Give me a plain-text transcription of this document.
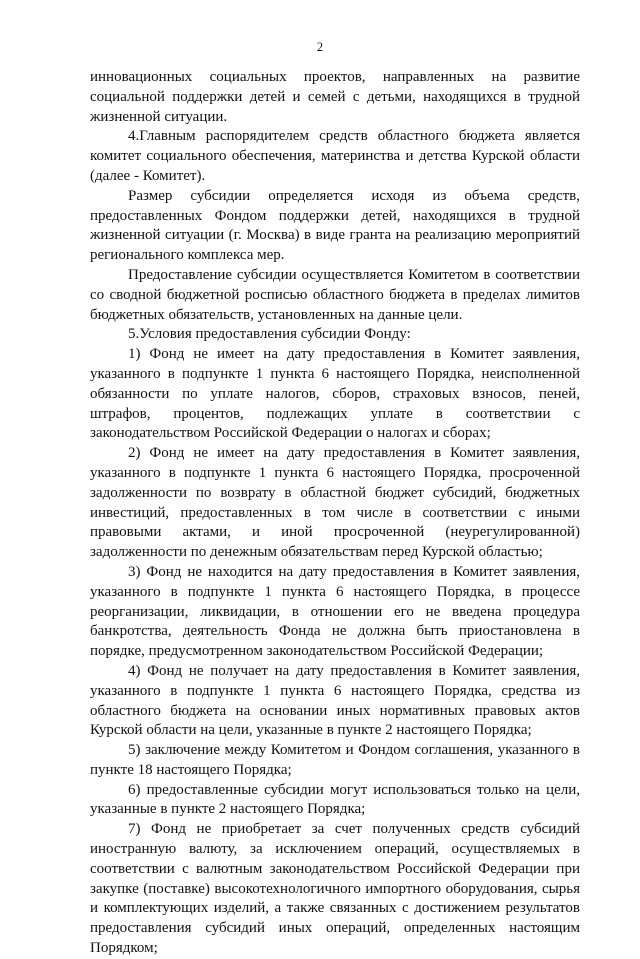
2

инновационных социальных проектов, направленных на развитие социальной поддержки детей и семей с детьми, находящихся в трудной жизненной ситуации.

4.Главным распорядителем средств областного бюджета является комитет социального обеспечения, материнства и детства Курской области (далее - Комитет).

Размер субсидии определяется исходя из объема средств, предоставленных Фондом поддержки детей, находящихся в трудной жизненной ситуации (г. Москва) в виде гранта на реализацию мероприятий регионального комплекса мер.

Предоставление субсидии осуществляется Комитетом в соответствии со сводной бюджетной росписью областного бюджета в пределах лимитов бюджетных обязательств, установленных на данные цели.

5.Условия предоставления субсидии Фонду:

1) Фонд не имеет на дату предоставления в Комитет заявления, указанного в подпункте 1 пункта 6 настоящего Порядка, неисполненной обязанности по уплате налогов, сборов, страховых взносов, пеней, штрафов, процентов, подлежащих уплате в соответствии с законодательством Российской Федерации о налогах и сборах;

2) Фонд не имеет на дату предоставления в Комитет заявления, указанного в подпункте 1 пункта 6 настоящего Порядка, просроченной задолженности по возврату в областной бюджет субсидий, бюджетных инвестиций, предоставленных в том числе в соответствии с иными правовыми актами, и иной просроченной (неурегулированной) задолженности по денежным обязательствам перед Курской областью;

3) Фонд не находится на дату предоставления в Комитет заявления, указанного в подпункте 1 пункта 6 настоящего Порядка, в процессе реорганизации, ликвидации, в отношении его не введена процедура банкротства, деятельность Фонда не должна быть приостановлена в порядке, предусмотренном законодательством Российской Федерации;

4) Фонд не получает на дату предоставления в Комитет заявления, указанного в подпункте 1 пункта 6 настоящего Порядка, средства из областного бюджета на основании иных нормативных правовых актов Курской области на цели, указанные в пункте 2 настоящего Порядка;

5) заключение между Комитетом и Фондом соглашения, указанного в пункте 18 настоящего Порядка;

6) предоставленные субсидии могут использоваться только на цели, указанные в пункте 2 настоящего Порядка;

7) Фонд не приобретает за счет полученных средств субсидий иностранную валюту, за исключением операций, осуществляемых в соответствии с валютным законодательством Российской Федерации при закупке (поставке) высокотехнологичного импортного оборудования, сырья и комплектующих изделий, а также связанных с достижением результатов предоставления субсидий иных операций, определенных настоящим Порядком;
